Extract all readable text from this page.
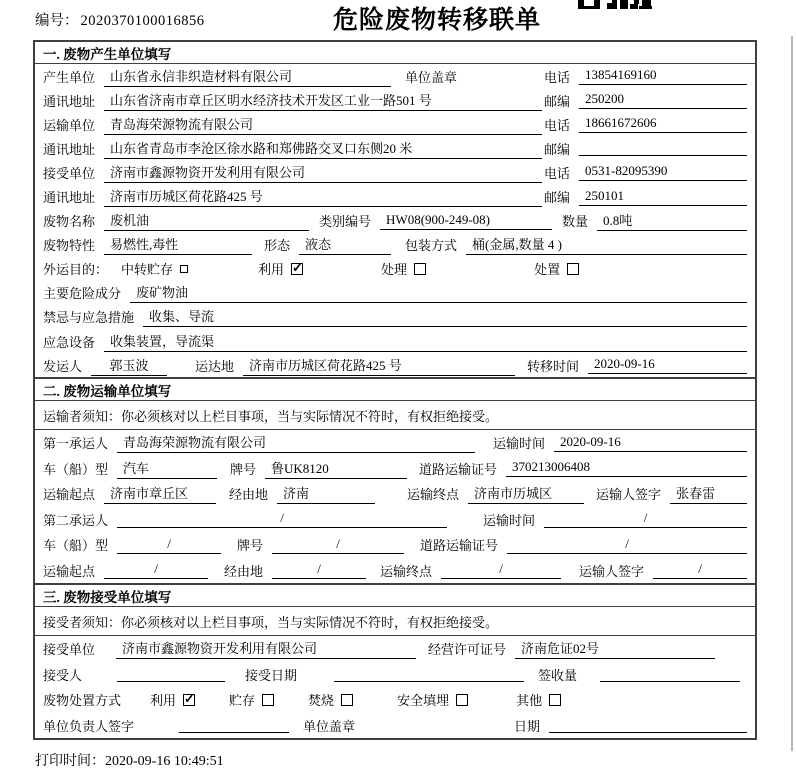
编号： 2020370100016856	危险废物转移联单
一. 废物产生单位填写
产生单位	山东省永信非织造材料有限公司	单位盖章	电话	13854169160
通讯地址	山东省济南市章丘区明水经济技术开发区工业一路501 号	邮编	250200
运输单位	青岛海荣源物流有限公司	电话	18661672606
通讯地址	山东省青岛市李沧区徐水路和郑佛路交叉口东侧20 米	邮编
接受单位	济南市鑫源物资开发利用有限公司	电话	0531-82095390
通讯地址	济南市历城区荷花路425 号	邮编	250101
废物名称	废机油	类别编号	HW08(900-249-08)	数量	0.8吨
废物特性	易燃性,毒性	形态	液态	包装方式	桶(金属,数量 4 )
外运目的： 中转贮存	利用 ✓	处理	处置
主要危险成分	废矿物油
禁忌与应急措施	收集、导流
应急设备	收集装置，导流渠
发运人	郭玉波	运达地	济南市历城区荷花路425 号	转移时间	2020-09-16
二. 废物运输单位填写
运输者须知：你必须核对以上栏目事项，当与实际情况不符时，有权拒绝接受。
第一承运人	青岛海荣源物流有限公司	运输时间	2020-09-16
车（船）型	汽车	牌号	鲁UK8120	道路运输证号	370213006408
运输起点	济南市章丘区	经由地	济南	运输终点	济南市历城区	运输人签字	张春雷
第二承运人	/	运输时间	/
车（船）型	/	牌号	/	道路运输证号	/
运输起点	/	经由地	/	运输终点	/	运输人签字	/
三. 废物接受单位填写
接受者须知：你必须核对以上栏目事项，当与实际情况不符时，有权拒绝接受。
接受单位	济南市鑫源物资开发利用有限公司	经营许可证号	济南危证02号
接受人	接受日期	签收量
废物处置方式 利用 ✓	贮存	焚烧	安全填埋	其他
单位负责人签字	单位盖章	日期
打印时间：2020-09-16 10:49:51
